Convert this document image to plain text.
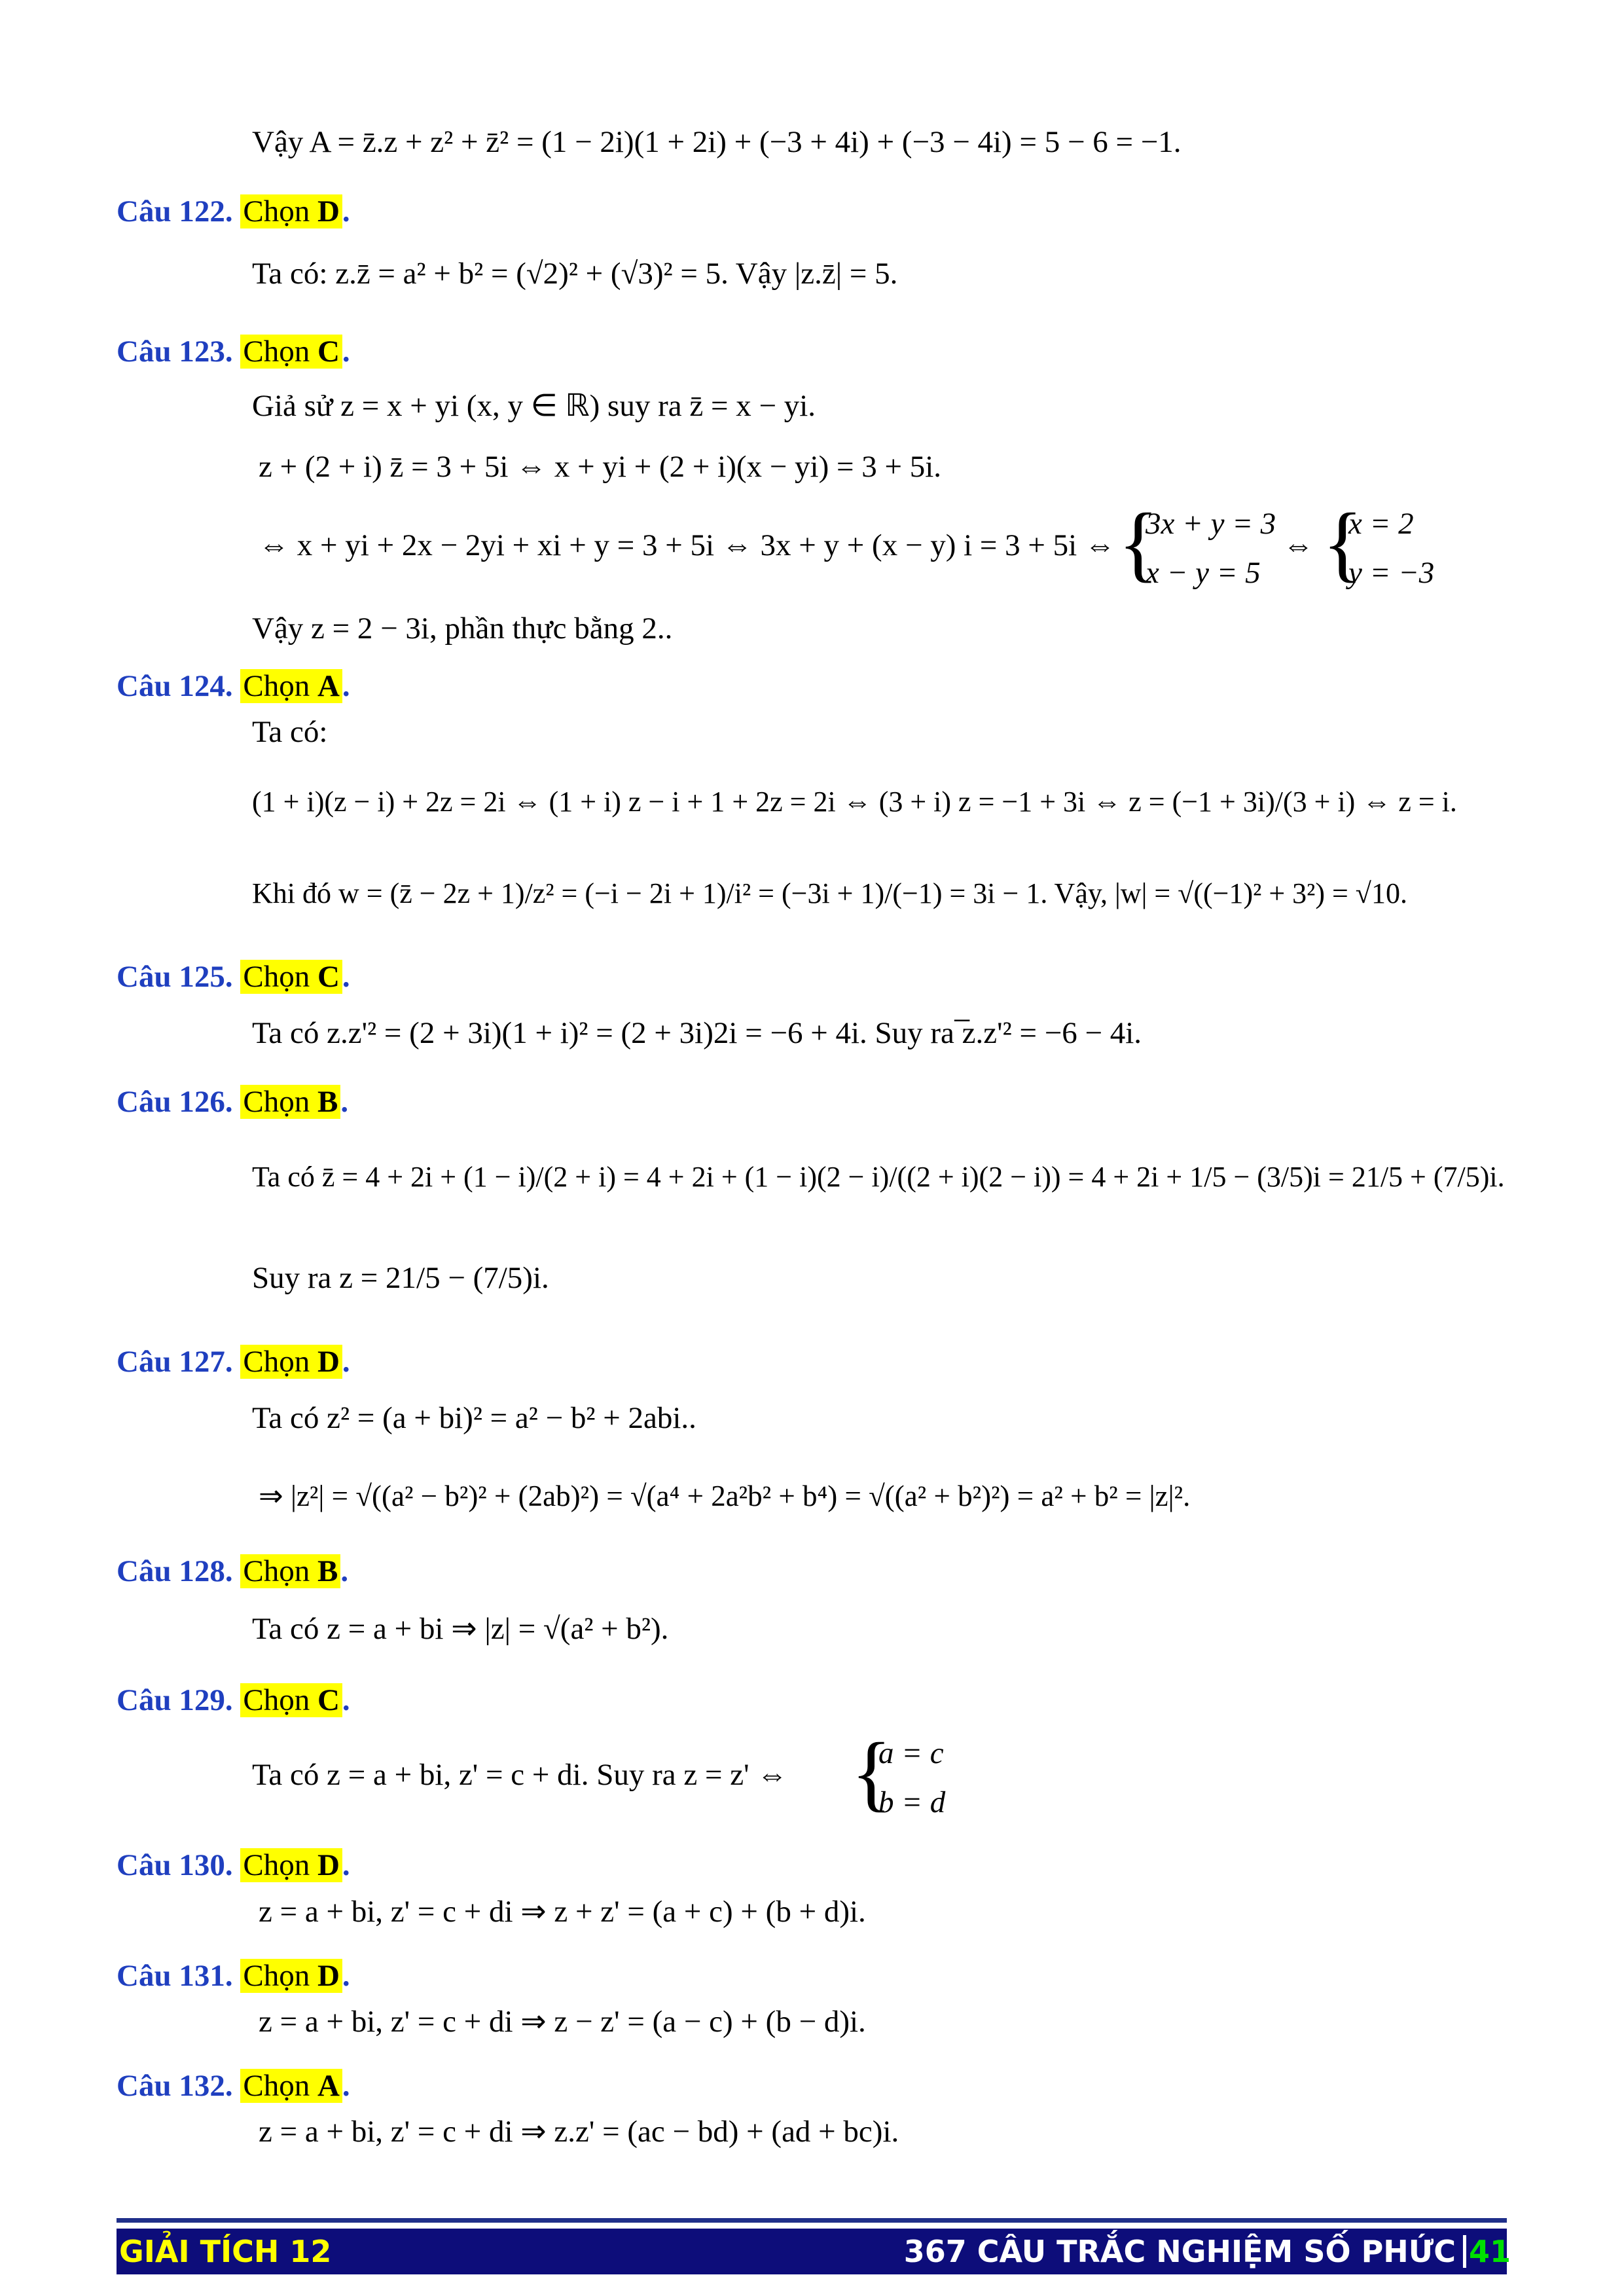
Vậy A = z̄.z + z² + z̄² = (1 − 2i)(1 + 2i) + (−3 + 4i) + (−3 − 4i) = 5 − 6 = −1.
Câu 122. Chọn D.
Ta có: z.z̄ = a² + b² = (√2)² + (√3)² = 5. Vậy |z.z̄| = 5.
Câu 123. Chọn C.
Giả sử z = x + yi (x, y ∈ ℝ) suy ra z̄ = x − yi.
z + (2 + i) z̄ = 3 + 5i ⇔ x + yi + (2 + i)(x − yi) = 3 + 5i.
⇔ x + yi + 2x − 2yi + xi + y = 3 + 5i ⇔ 3x + y + (x − y) i = 3 + 5i ⇔ {
3x + y = 3
x − y = 5
⇔ {
x = 2
y = −3
Vậy z = 2 − 3i, phần thực bằng 2..
Câu 124. Chọn A.
Ta có:
(1 + i)(z − i) + 2z = 2i ⇔ (1 + i) z − i + 1 + 2z = 2i ⇔ (3 + i) z = −1 + 3i ⇔ z = (−1 + 3i)/(3 + i) ⇔ z = i.
Khi đó w = (z̄ − 2z + 1)/z² = (−i − 2i + 1)/i² = (−3i + 1)/(−1) = 3i − 1. Vậy, |w| = √((−1)² + 3²) = √10.
Câu 125. Chọn C.
Ta có z.z'² = (2 + 3i)(1 + i)² = (2 + 3i)2i = −6 + 4i. Suy ra ̅z.z'² = −6 − 4i.
Câu 126. Chọn B.
Ta có z̄ = 4 + 2i + (1 − i)/(2 + i) = 4 + 2i + (1 − i)(2 − i)/((2 + i)(2 − i)) = 4 + 2i + 1/5 − (3/5)i = 21/5 + (7/5)i.
Suy ra z = 21/5 − (7/5)i.
Câu 127. Chọn D.
Ta có z² = (a + bi)² = a² − b² + 2abi..
⇒ |z²| = √((a² − b²)² + (2ab)²) = √(a⁴ + 2a²b² + b⁴) = √((a² + b²)²) = a² + b² = |z|².
Câu 128. Chọn B.
Ta có z = a + bi ⇒ |z| = √(a² + b²).
Câu 129. Chọn C.
Ta có z = a + bi, z' = c + di. Suy ra z = z' ⇔ {
a = c
b = d
Câu 130. Chọn D.
z = a + bi, z' = c + di ⇒ z + z' = (a + c) + (b + d)i.
Câu 131. Chọn D.
z = a + bi, z' = c + di ⇒ z − z' = (a − c) + (b − d)i.
Câu 132. Chọn A.
z = a + bi, z' = c + di ⇒ z.z' = (ac − bd) + (ad + bc)i.
GIẢI TÍCH 12	367 CÂU TRẮC NGHIỆM SỐ PHỨC 41
